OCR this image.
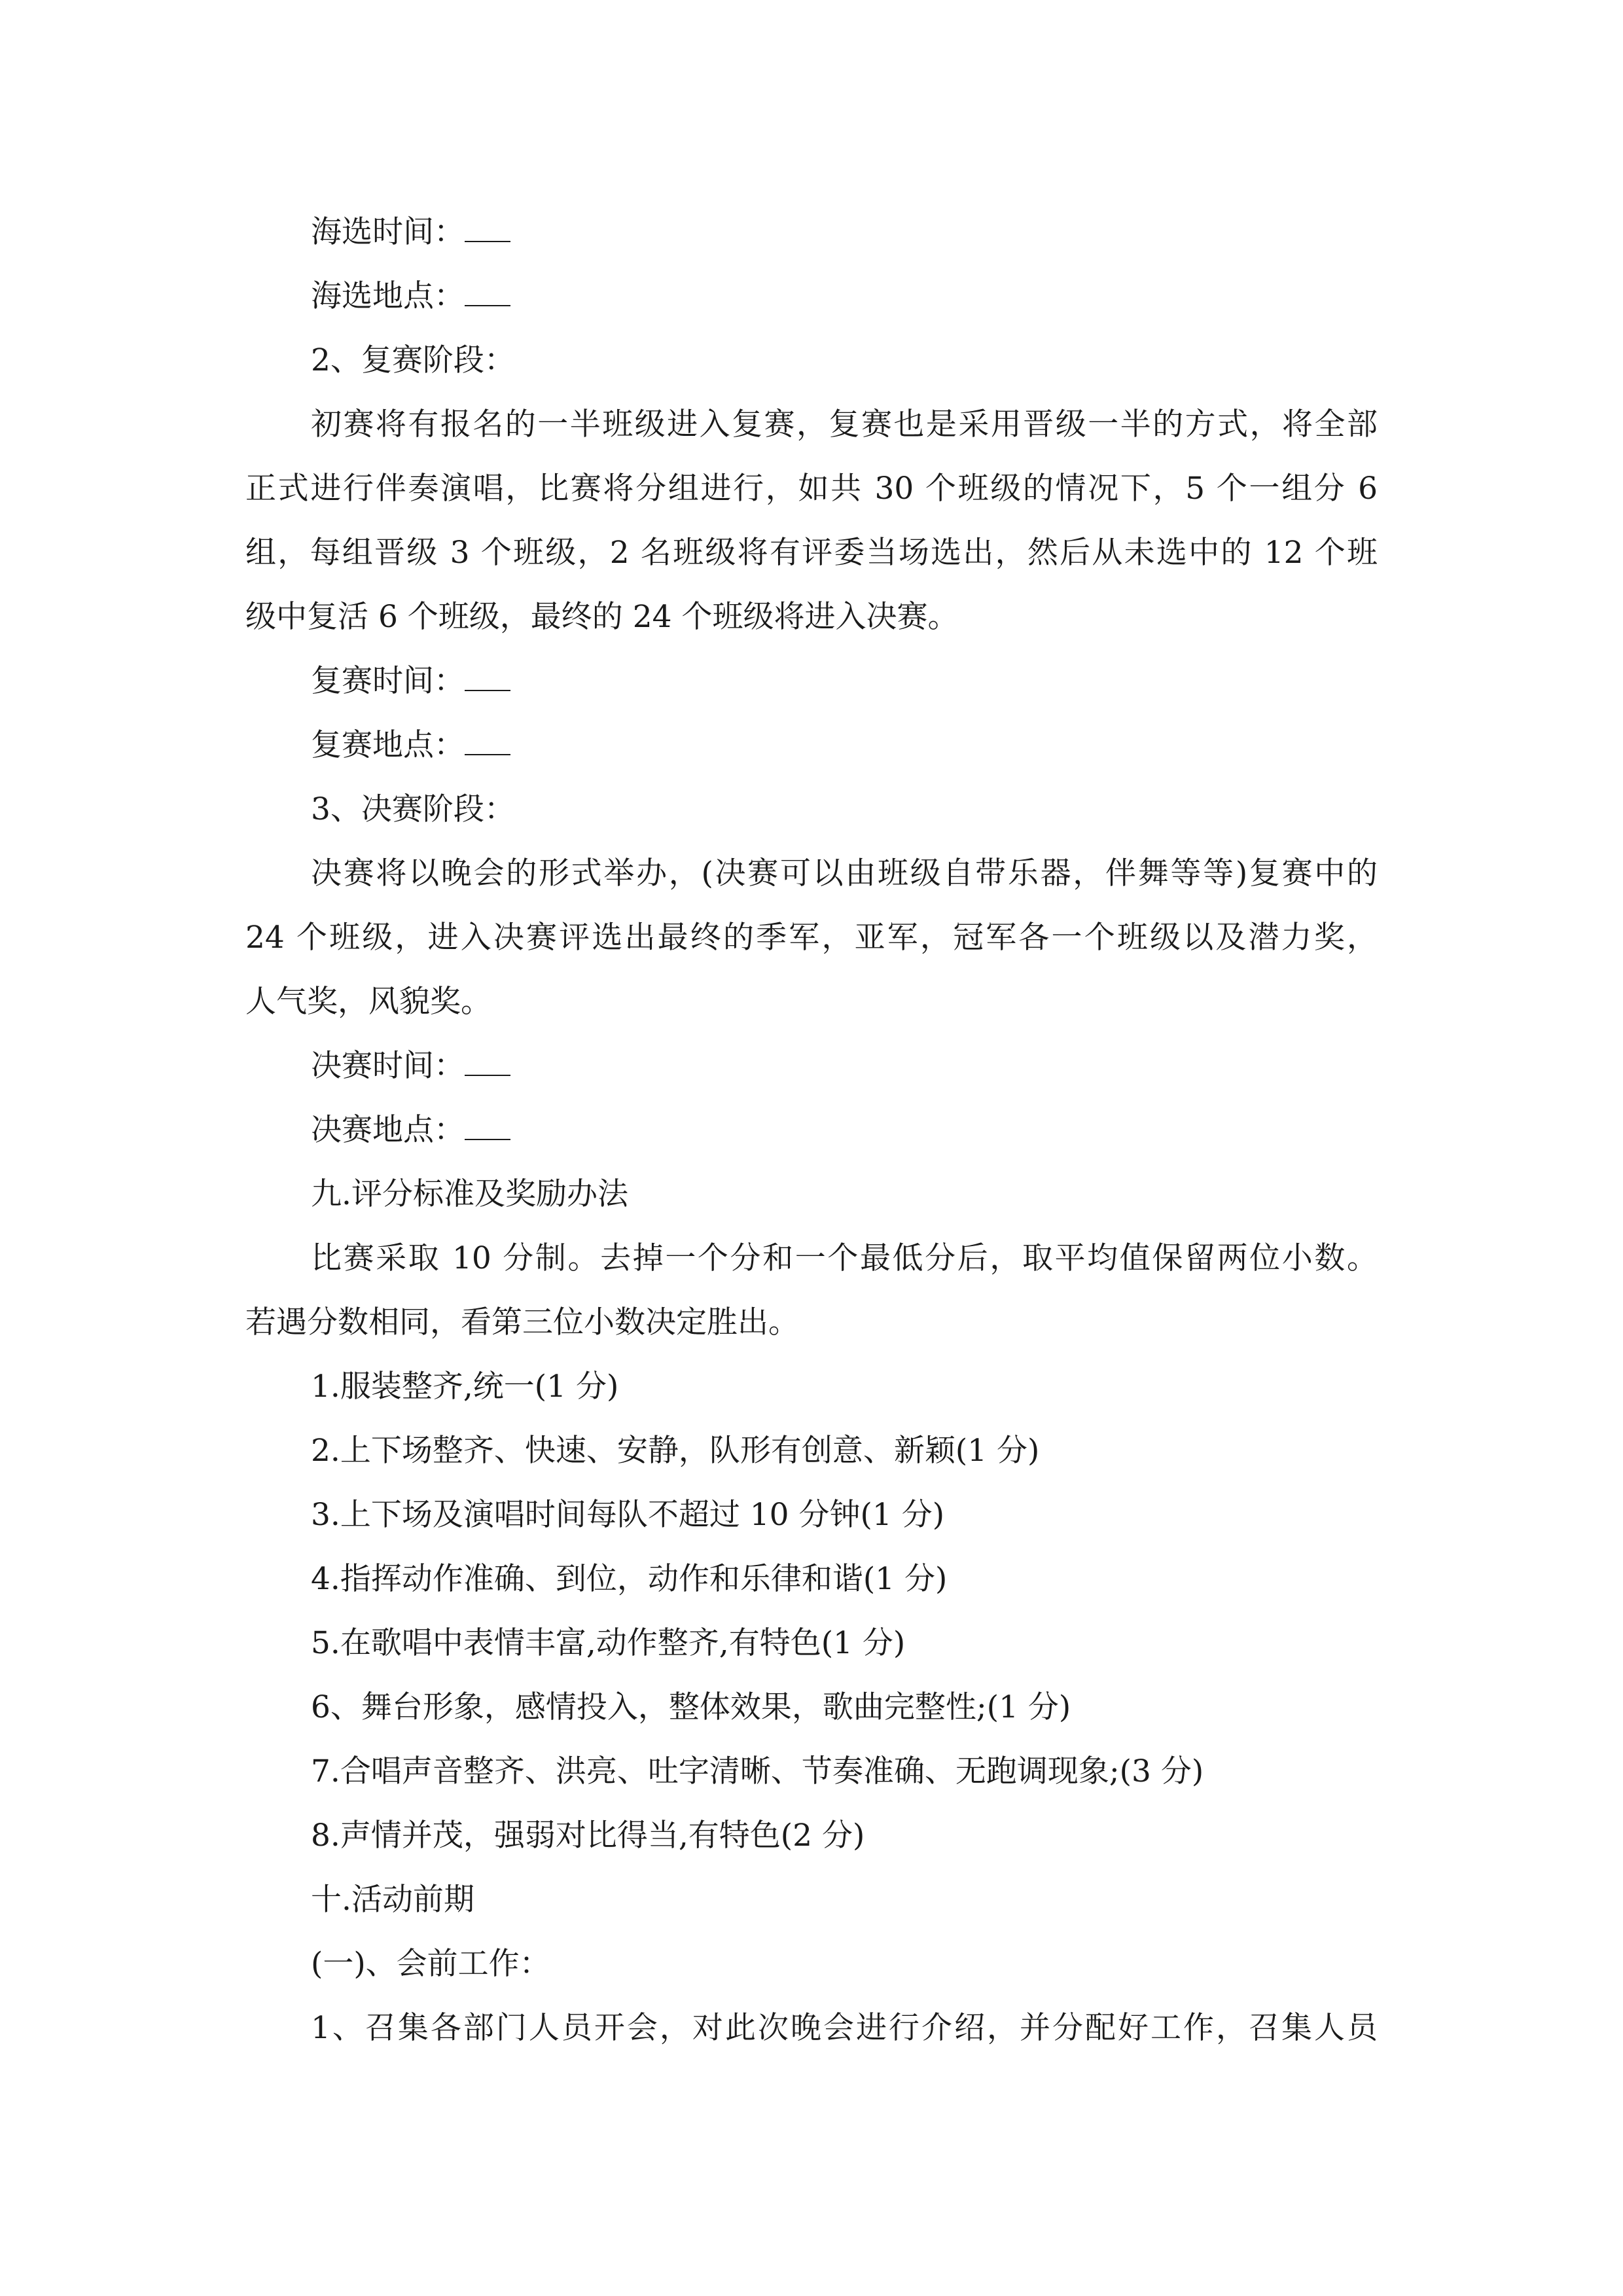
海选时间：

海选地点：

2、复赛阶段：

初赛将有报名的一半班级进入复赛，复赛也是采用晋级一半的方式，将全部

正式进行伴奏演唱，比赛将分组进行，如共 30 个班级的情况下，5 个一组分 6

组，每组晋级 3 个班级，2 名班级将有评委当场选出，然后从未选中的 12 个班

级中复活 6 个班级，最终的 24 个班级将进入决赛。

复赛时间：

复赛地点：

3、决赛阶段：

决赛将以晚会的形式举办，(决赛可以由班级自带乐器，伴舞等等)复赛中的

24 个班级，进入决赛评选出最终的季军，亚军，冠军各一个班级以及潜力奖，

人气奖，风貌奖。

决赛时间：

决赛地点：

九.评分标准及奖励办法

比赛采取 10 分制。去掉一个分和一个最低分后，取平均值保留两位小数。

若遇分数相同，看第三位小数决定胜出。

1.服装整齐,统一(1 分)

2.上下场整齐、快速、安静，队形有创意、新颖(1 分)

3.上下场及演唱时间每队不超过 10 分钟(1 分)

4.指挥动作准确、到位，动作和乐律和谐(1 分)

5.在歌唱中表情丰富,动作整齐,有特色(1 分)

6、舞台形象，感情投入，整体效果，歌曲完整性;(1 分)

7.合唱声音整齐、洪亮、吐字清晰、节奏准确、无跑调现象;(3 分)

8.声情并茂，强弱对比得当,有特色(2 分)

十.活动前期

(一)、会前工作：

1、召集各部门人员开会，对此次晚会进行介绍，并分配好工作，召集人员
